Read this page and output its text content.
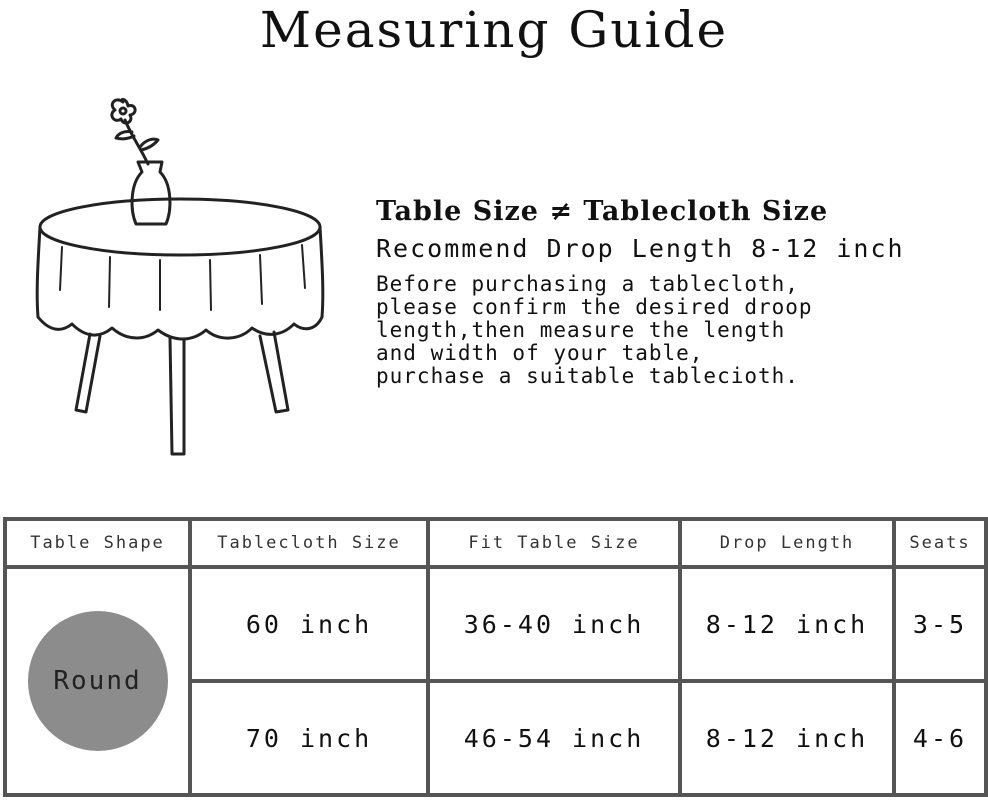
Measuring Guide
Table Size ≠ Tablecloth Size
Recommend Drop Length 8-12 inch
Before purchasing a tablecloth,
please confirm the desired droop
length,then measure the length
and width of your table,
purchase a suitable tablecioth.
Table Shape	Tablecloth Size	Fit Table Size	Drop Length	Seats

Round	60 inch	36-40 inch	8-12 inch	3-5
	70 inch	46-54 inch	8-12 inch	4-6
